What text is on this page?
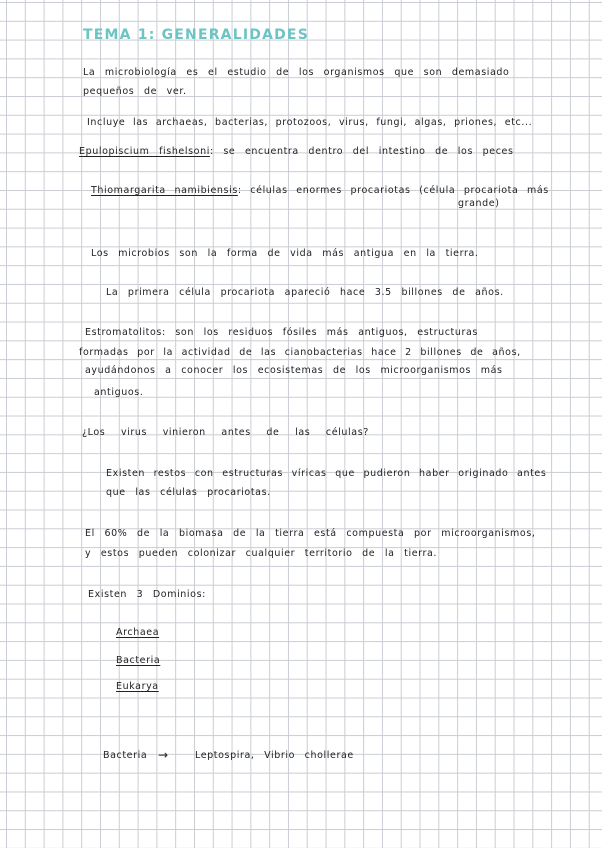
TEMA 1: GENERALIDADES
La microbiología es el estudio de los organismos que son demasiado
pequeños de ver.
Incluye las archaeas, bacterias, protozoos, virus, fungi, algas, priones, etc...
Epulopiscium fishelsoni: se encuentra dentro del intestino de los peces
Thiomargarita namibiensis: células enormes procariotas (célula procariota más
grande)
Los microbios son la forma de vida más antigua en la tierra.
La primera célula procariota apareció hace 3.5 billones de años.
Estromatolitos: son los residuos fósiles más antiguos, estructuras
formadas por la actividad de las cianobacterias hace 2 billones de años,
ayudándonos a conocer los ecosistemas de los microorganismos más
antiguos.
¿Los virus vinieron antes de las células?
Existen restos con estructuras víricas que pudieron haber originado antes
que las células procariotas.
El 60% de la biomasa de la tierra está compuesta por microorganismos,
y estos pueden colonizar cualquier territorio de la tierra.
Existen 3 Dominios:
Archaea
Bacteria
Eukarya
Bacteria →	Leptospira, Vibrio chollerae
